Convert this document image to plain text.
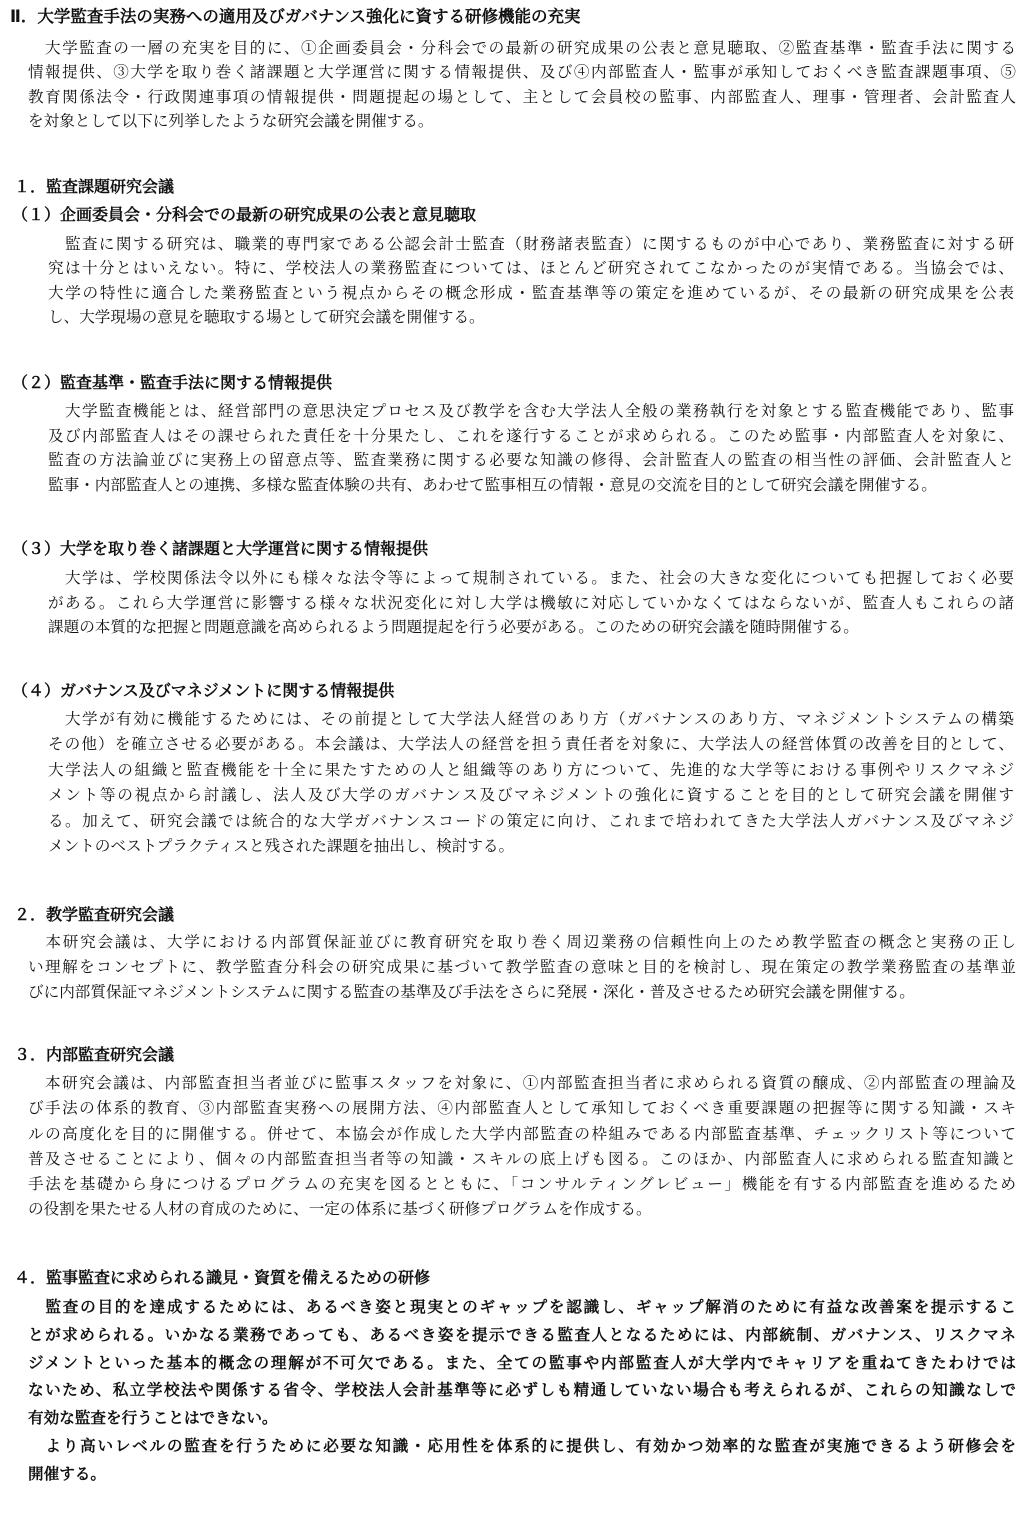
Ⅱ．大学監査手法の実務への適用及びガバナンス強化に資する研修機能の充実
　大学監査の一層の充実を目的に、①企画委員会・分科会での最新の研究成果の公表と意見聴取、②監査基準・監査手法に関する
情報提供、③大学を取り巻く諸課題と大学運営に関する情報提供、及び④内部監査人・監事が承知しておくべき監査課題事項、⑤
教育関係法令・行政関連事項の情報提供・問題提起の場として、主として会員校の監事、内部監査人、理事・管理者、会計監査人
を対象として以下に列挙したような研究会議を開催する。
１．監査課題研究会議
（１）企画委員会・分科会での最新の研究成果の公表と意見聴取
　監査に関する研究は、職業的専門家である公認会計士監査（財務諸表監査）に関するものが中心であり、業務監査に対する研
究は十分とはいえない。特に、学校法人の業務監査については、ほとんど研究されてこなかったのが実情である。当協会では、
大学の特性に適合した業務監査という視点からその概念形成・監査基準等の策定を進めているが、その最新の研究成果を公表
し、大学現場の意見を聴取する場として研究会議を開催する。
（２）監査基準・監査手法に関する情報提供
　大学監査機能とは、経営部門の意思決定プロセス及び教学を含む大学法人全般の業務執行を対象とする監査機能であり、監事
及び内部監査人はその課せられた責任を十分果たし、これを遂行することが求められる。このため監事・内部監査人を対象に、
監査の方法論並びに実務上の留意点等、監査業務に関する必要な知識の修得、会計監査人の監査の相当性の評価、会計監査人と
監事・内部監査人との連携、多様な監査体験の共有、あわせて監事相互の情報・意見の交流を目的として研究会議を開催する。
（３）大学を取り巻く諸課題と大学運営に関する情報提供
　大学は、学校関係法令以外にも様々な法令等によって規制されている。また、社会の大きな変化についても把握しておく必要
がある。これら大学運営に影響する様々な状況変化に対し大学は機敏に対応していかなくてはならないが、監査人もこれらの諸
課題の本質的な把握と問題意識を高められるよう問題提起を行う必要がある。このための研究会議を随時開催する。
（４）ガバナンス及びマネジメントに関する情報提供
　大学が有効に機能するためには、その前提として大学法人経営のあり方（ガバナンスのあり方、マネジメントシステムの構築
その他）を確立させる必要がある。本会議は、大学法人の経営を担う責任者を対象に、大学法人の経営体質の改善を目的として、
大学法人の組織と監査機能を十全に果たすための人と組織等のあり方について、先進的な大学等における事例やリスクマネジ
メント等の視点から討議し、法人及び大学のガバナンス及びマネジメントの強化に資することを目的として研究会議を開催す
る。加えて、研究会議では統合的な大学ガバナンスコードの策定に向け、これまで培われてきた大学法人ガバナンス及びマネジ
メントのベストプラクティスと残された課題を抽出し、検討する。
２．教学監査研究会議
　本研究会議は、大学における内部質保証並びに教育研究を取り巻く周辺業務の信頼性向上のため教学監査の概念と実務の正し
い理解をコンセプトに、教学監査分科会の研究成果に基づいて教学監査の意味と目的を検討し、現在策定の教学業務監査の基準並
びに内部質保証マネジメントシステムに関する監査の基準及び手法をさらに発展・深化・普及させるため研究会議を開催する。
３．内部監査研究会議
　本研究会議は、内部監査担当者並びに監事スタッフを対象に、①内部監査担当者に求められる資質の醸成、②内部監査の理論及
び手法の体系的教育、③内部監査実務への展開方法、④内部監査人として承知しておくべき重要課題の把握等に関する知識・スキ
ルの高度化を目的に開催する。併せて、本協会が作成した大学内部監査の枠組みである内部監査基準、チェックリスト等について
普及させることにより、個々の内部監査担当者等の知識・スキルの底上げも図る。このほか、内部監査人に求められる監査知識と
手法を基礎から身につけるプログラムの充実を図るとともに、「コンサルティングレビュー」機能を有する内部監査を進めるため
の役割を果たせる人材の育成のために、一定の体系に基づく研修プログラムを作成する。
４．監事監査に求められる識見・資質を備えるための研修
　監査の目的を達成するためには、あるべき姿と現実とのギャップを認識し、ギャップ解消のために有益な改善案を提示するこ
とが求められる。いかなる業務であっても、あるべき姿を提示できる監査人となるためには、内部統制、ガバナンス、リスクマネ
ジメントといった基本的概念の理解が不可欠である。また、全ての監事や内部監査人が大学内でキャリアを重ねてきたわけでは
ないため、私立学校法や関係する省令、学校法人会計基準等に必ずしも精通していない場合も考えられるが、これらの知識なしで
有効な監査を行うことはできない。
　より高いレベルの監査を行うために必要な知識・応用性を体系的に提供し、有効かつ効率的な監査が実施できるよう研修会を
開催する。
